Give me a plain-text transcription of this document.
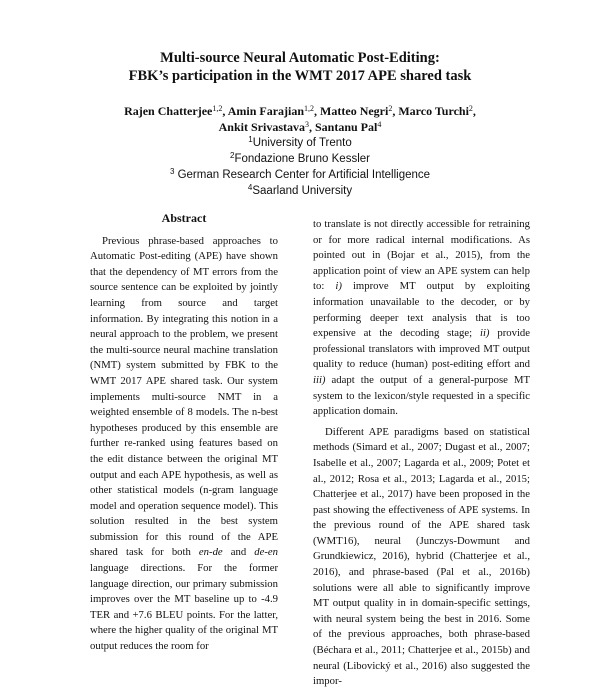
Multi-source Neural Automatic Post-Editing:
FBK’s participation in the WMT 2017 APE shared task
Rajen Chatterjee$^{1,2}$, Amin Farajian$^{1,2}$, Matteo Negri$^2$, Marco Turchi$^2$,
Ankit Srivastava$^3$, Santanu Pal$^4$
$^1$University of Trento
$^2$Fondazione Bruno Kessler
$^3$ German Research Center for Artificial Intelligence
$^4$Saarland University
Abstract

Previous phrase-based approaches to Automatic Post-editing (APE) have shown that the dependency of MT errors from the source sentence can be exploited by jointly learning from source and target information. By integrating this notion in a neural approach to the problem, we present the multi-source neural machine translation (NMT) system submitted by FBK to the WMT 2017 APE shared task. Our system implements multi-source NMT in a weighted ensemble of 8 models. The n-best hypotheses produced by this ensemble are further re-ranked using features based on the edit distance between the original MT output and each APE hypothesis, as well as other statistical models (n-gram language model and operation sequence model). This solution resulted in the best system submission for this round of the APE shared task for both en-de and de-en language directions. For the former language direction, our primary submission improves over the MT baseline up to -4.9 TER and +7.6 BLEU points. For the latter, where the higher quality of the original MT output reduces the room for

to translate is not directly accessible for retraining or for more radical internal modifications. As pointed out in (Bojar et al., 2015), from the application point of view an APE system can help to: i) improve MT output by exploiting information unavailable to the decoder, or by performing deeper text analysis that is too expensive at the decoding stage; ii) provide professional translators with improved MT output quality to reduce (human) post-editing effort and iii) adapt the output of a general-purpose MT system to the lexicon/style requested in a specific application domain.

Different APE paradigms based on statistical methods (Simard et al., 2007; Dugast et al., 2007; Isabelle et al., 2007; Lagarda et al., 2009; Potet et al., 2012; Rosa et al., 2013; Lagarda et al., 2015; Chatterjee et al., 2017) have been proposed in the past showing the effectiveness of APE systems. In the previous round of the APE shared task (WMT16), neural (Junczys-Dowmunt and Grundkiewicz, 2016), hybrid (Chatterjee et al., 2016), and phrase-based (Pal et al., 2016b) solutions were all able to significantly improve MT output quality in in domain-specific settings, with neural system being the best in 2016. Some of the previous approaches, both phrase-based (Béchara et al., 2011; Chatterjee et al., 2015b) and neural (Libovický et al., 2016) also suggested the impor-
